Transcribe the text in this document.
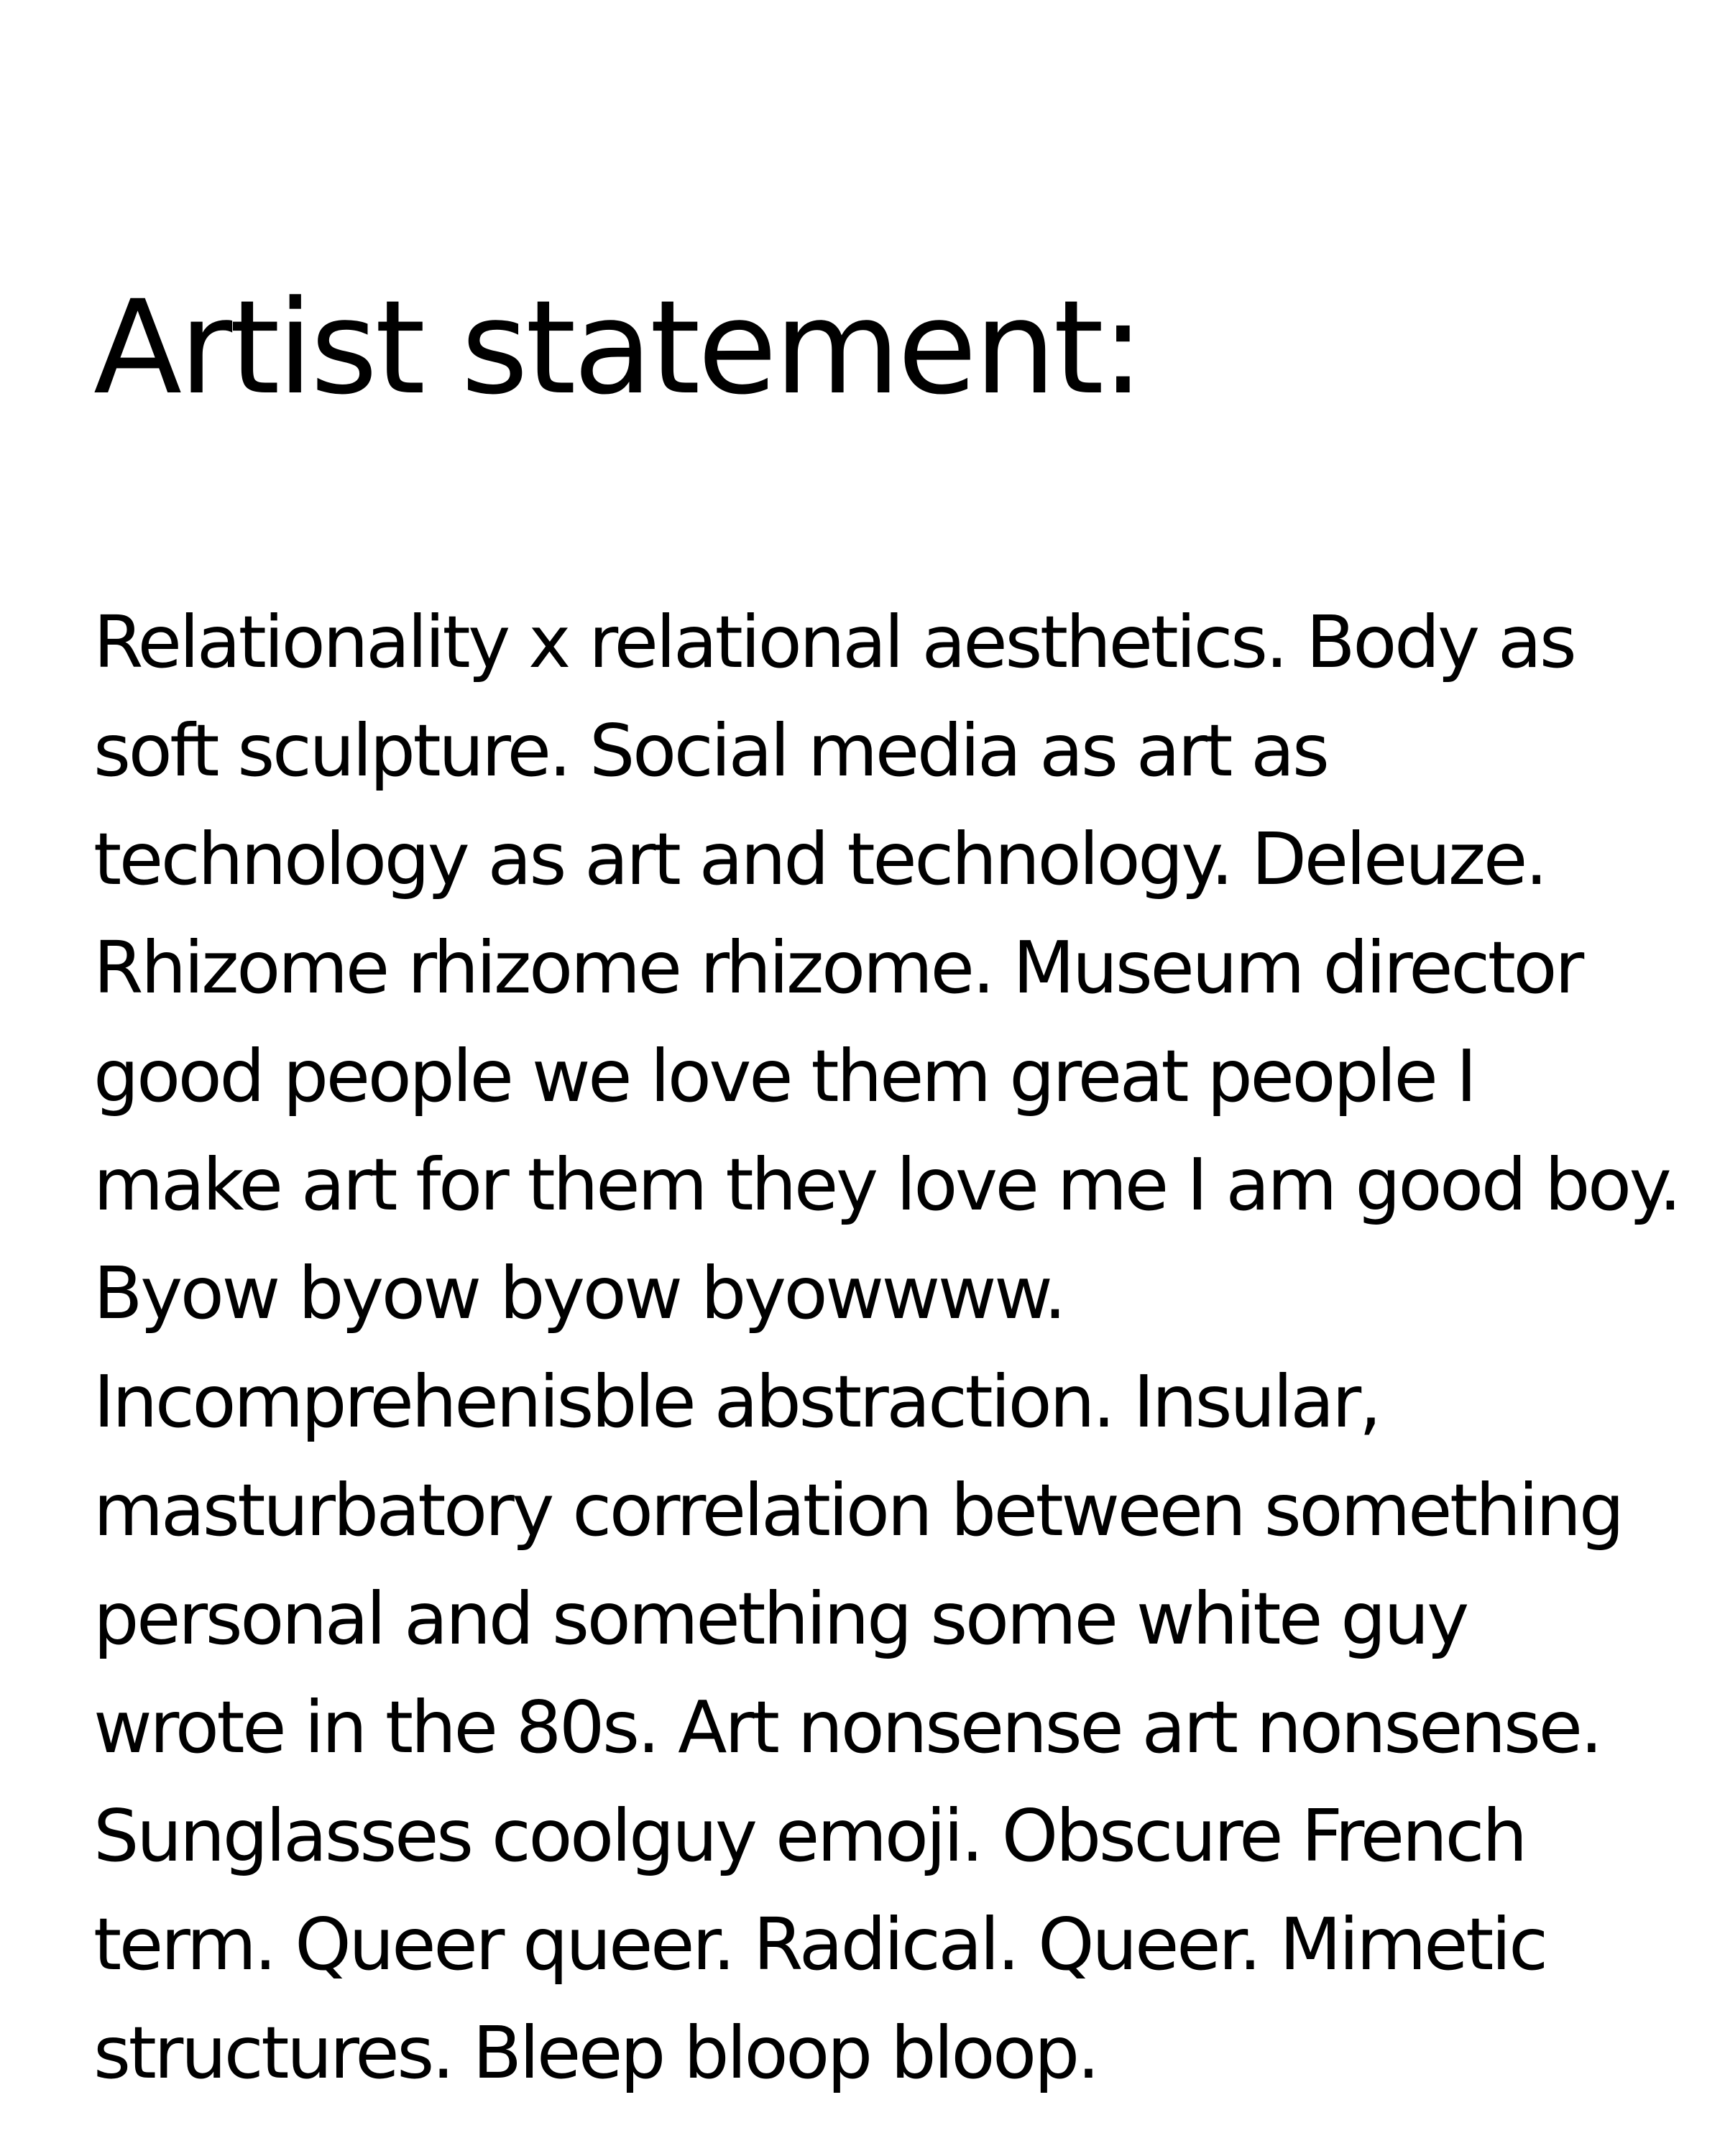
Artist statement:
Relationality x relational aesthetics. Body as
soft sculpture. Social media as art as
technology as art and technology. Deleuze.
Rhizome rhizome rhizome. Museum director
good people we love them great people I
make art for them they love me I am good boy.
Byow byow byow byowwww.
Incomprehenisble abstraction. Insular,
masturbatory correlation between something
personal and something some white guy
wrote in the 80s. Art nonsense art nonsense.
Sunglasses coolguy emoji. Obscure French
term. Queer queer. Radical. Queer. Mimetic
structures. Bleep bloop bloop.
